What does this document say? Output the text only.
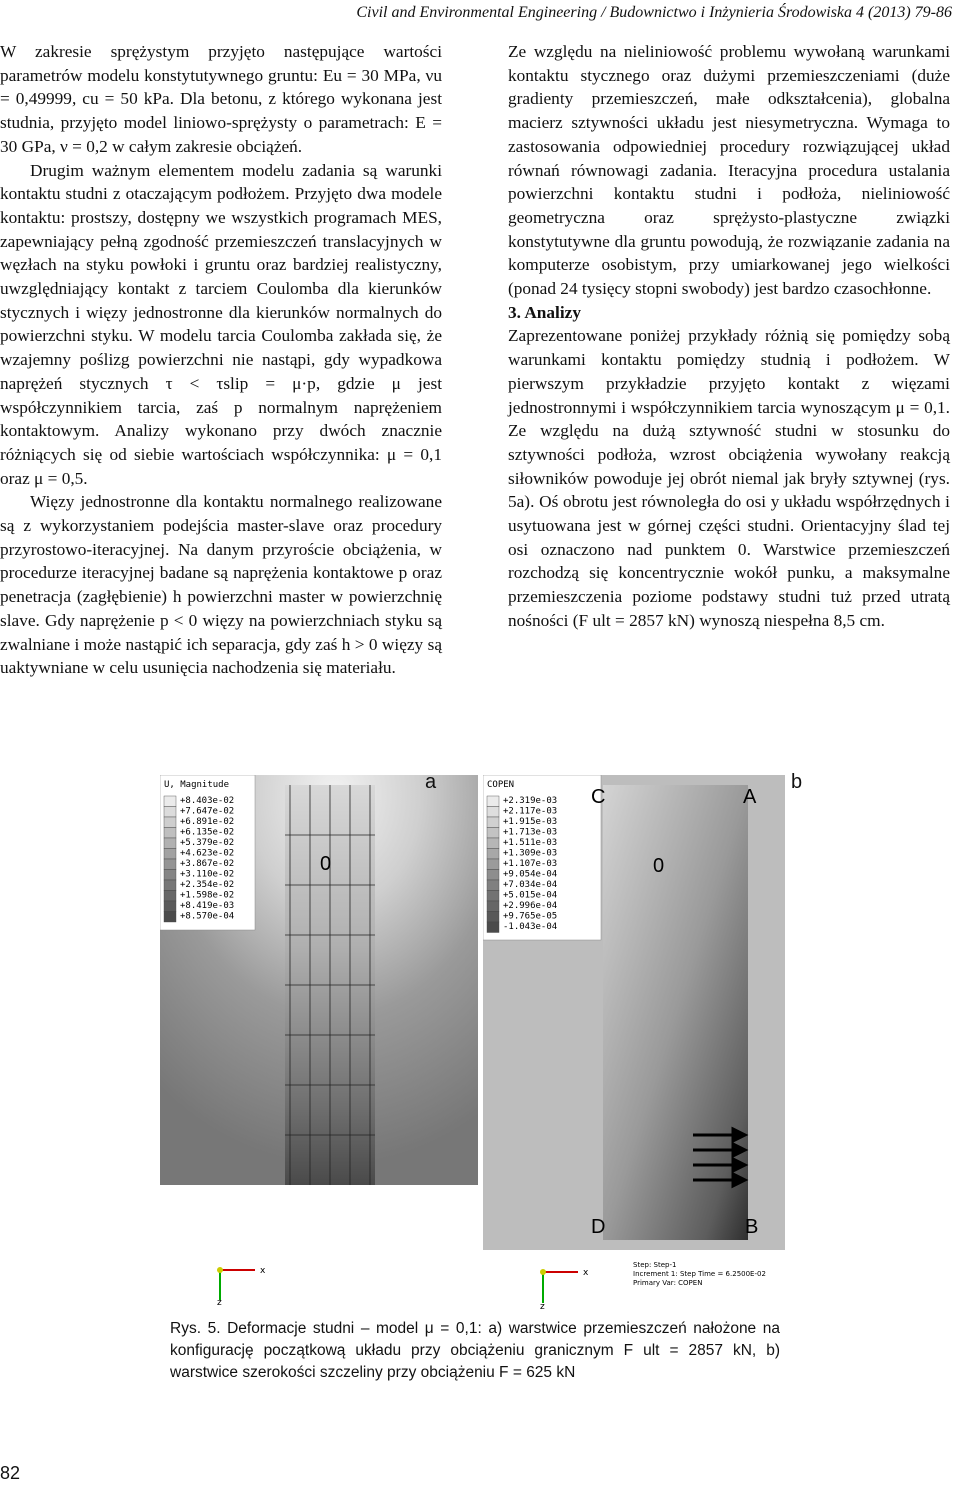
Civil and Environmental Engineering / Budownictwo i Inżynieria Środowiska 4 (2013) 79-86

W zakresie sprężystym przyjęto następujące wartości parametrów modelu konstytutywnego gruntu: Eu = 30 MPa, νu = 0,49999, cu = 50 kPa. Dla betonu, z którego wykonana jest studnia, przyjęto model liniowo-sprężysty o parametrach: E = 30 GPa, ν = 0,2 w całym zakresie obciążeń.

Drugim ważnym elementem modelu zadania są warunki kontaktu studni z otaczającym podłożem. Przyjęto dwa modele kontaktu: prostszy, dostępny we wszystkich programach MES, zapewniający pełną zgodność przemieszczeń translacyjnych w węzłach na styku powłoki i gruntu oraz bardziej realistyczny, uwzględniający kontakt z tarciem Coulomba dla kierunków stycznych i więzy jednostronne dla kierunków normalnych do powierzchni styku. W modelu tarcia Coulomba zakłada się, że wzajemny poślizg powierzchni nie nastąpi, gdy wypadkowa naprężeń stycznych τ < τslip = μ·p, gdzie μ jest współczynnikiem tarcia, zaś p normalnym naprężeniem kontaktowym. Analizy wykonano przy dwóch znacznie różniących się od siebie wartościach współczynnika: μ = 0,1 oraz μ = 0,5.

Więzy jednostronne dla kontaktu normalnego realizowane są z wykorzystaniem podejścia master-slave oraz procedury przyrostowo-iteracyjnej. Na danym przyroście obciążenia, w procedurze iteracyjnej badane są naprężenia kontaktowe p oraz penetracja (zagłębienie) h powierzchni master w powierzchnię slave. Gdy naprężenie p < 0 więzy na powierzchniach styku są zwalniane i może nastąpić ich separacja, gdy zaś h > 0 więzy są uaktywniane w celu usunięcia nachodzenia się materiału.

Ze względu na nieliniowość problemu wywołaną warunkami kontaktu stycznego oraz dużymi przemieszczeniami (duże gradienty przemieszczeń, małe odkształcenia), globalna macierz sztywności układu jest niesymetryczna. Wymaga to zastosowania odpowiedniej procedury rozwiązującej układ równań równowagi zadania. Iteracyjna procedura ustalania powierzchni kontaktu studni i podłoża, nieliniowość geometryczna oraz sprężysto-plastyczne związki konstytutywne dla gruntu powodują, że rozwiązanie zadania na komputerze osobistym, przy umiarkowanej jego wielkości (ponad 24 tysięcy stopni swobody) jest bardzo czasochłonne.

3. Analizy

Zaprezentowane poniżej przykłady różnią się pomiędzy sobą warunkami kontaktu pomiędzy studnią i podłożem. W pierwszym przykładzie przyjęto kontakt z więzami jednostronnymi i współczynnikiem tarcia wynoszącym μ = 0,1. Ze względu na dużą sztywność studni w stosunku do sztywności podłoża, wzrost obciążenia wywołany reakcją siłowników powoduje jej obrót niemal jak bryły sztywnej (rys. 5a). Oś obrotu jest równoległa do osi y układu współrzędnych i usytuowana jest w górnej części studni. Orientacyjny ślad tej osi oznaczono nad punktem 0. Warstwice przemieszczeń rozchodzą się koncentrycznie wokół punku, a maksymalne przemieszczenia poziome podstawy studni tuż przed utratą nośności (F ult = 2857 kN) wynoszą niespełna 8,5 cm.

U, Magnitude
+8.403e-02
+7.647e-02
+6.891e-02
+6.135e-02
+5.379e-02
+4.623e-02
+3.867e-02
+3.110e-02
+2.354e-02
+1.598e-02
+8.419e-03
+8.570e-04
0
x
z
a	COPEN
+2.319e-03
+2.117e-03
+1.915e-03
+1.713e-03
+1.511e-03
+1.309e-03
+1.107e-03
+9.054e-04
+7.034e-04
+5.015e-04
+2.996e-04
+9.765e-05
-1.043e-04
C	A
0
D	B
Step: Step-1
Increment 1: Step Time = 6.2500E-02
Primary Var: COPEN
x
z
b
Rys. 5. Deformacje studni – model μ = 0,1: a) warstwice przemieszczeń nałożone na konfigurację początkową układu przy obciążeniu granicznym F ult = 2857 kN, b) warstwice szerokości szczeliny przy obciążeniu F = 625 kN
82
